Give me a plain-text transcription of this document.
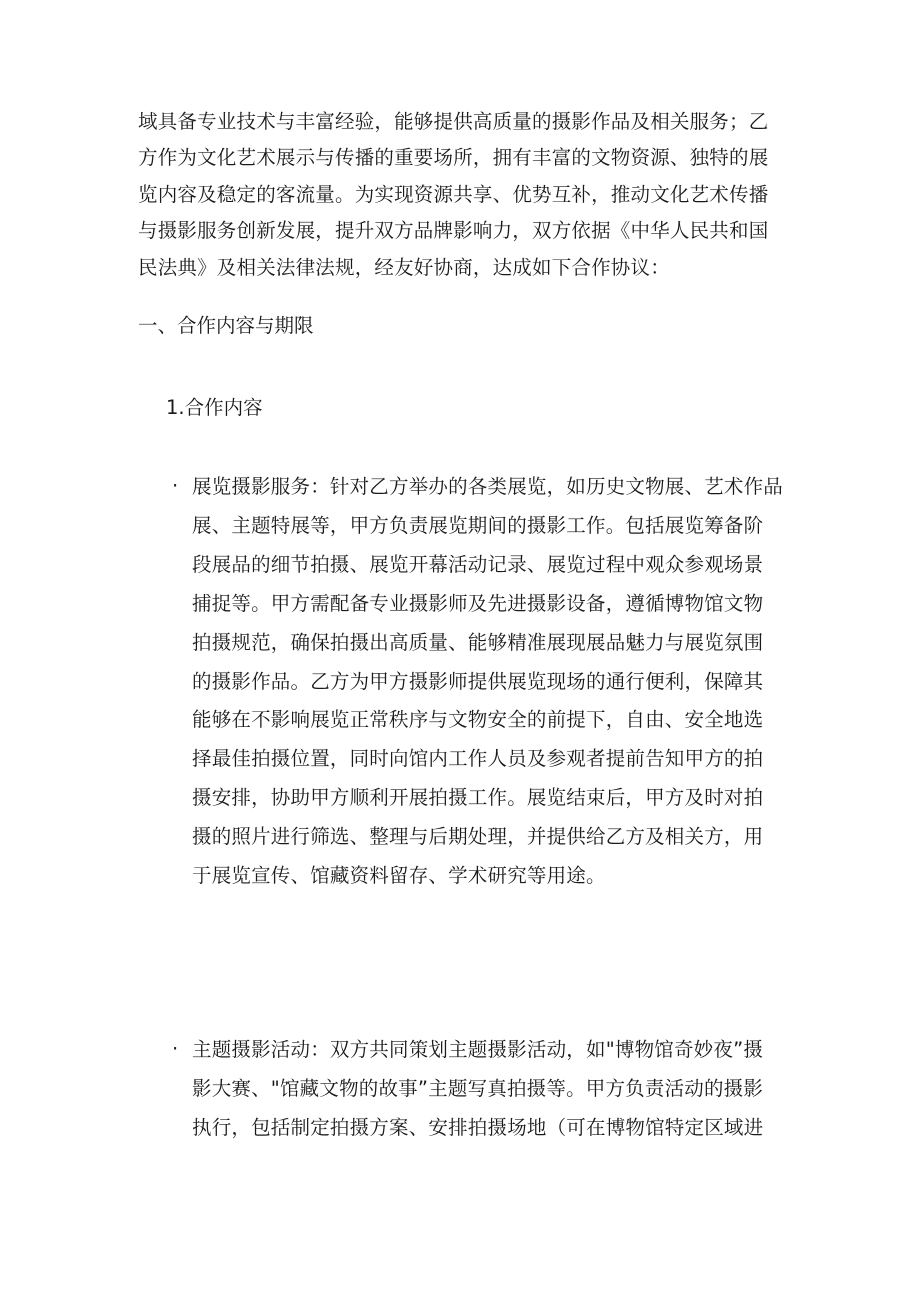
域具备专业技术与丰富经验，能够提供高质量的摄影作品及相关服务；乙
方作为文化艺术展示与传播的重要场所，拥有丰富的文物资源、独特的展
览内容及稳定的客流量。为实现资源共享、优势互补，推动文化艺术传播
与摄影服务创新发展，提升双方品牌影响力，双方依据《中华人民共和国
民法典》及相关法律法规，经友好协商，达成如下合作协议：
一、合作内容与期限
1.合作内容
· 展览摄影服务：针对乙方举办的各类展览，如历史文物展、艺术作品
展、主题特展等，甲方负责展览期间的摄影工作。包括展览筹备阶
段展品的细节拍摄、展览开幕活动记录、展览过程中观众参观场景
捕捉等。甲方需配备专业摄影师及先进摄影设备，遵循博物馆文物
拍摄规范，确保拍摄出高质量、能够精准展现展品魅力与展览氛围
的摄影作品。乙方为甲方摄影师提供展览现场的通行便利，保障其
能够在不影响展览正常秩序与文物安全的前提下，自由、安全地选
择最佳拍摄位置，同时向馆内工作人员及参观者提前告知甲方的拍
摄安排，协助甲方顺利开展拍摄工作。展览结束后，甲方及时对拍
摄的照片进行筛选、整理与后期处理，并提供给乙方及相关方，用
于展览宣传、馆藏资料留存、学术研究等用途。
· 主题摄影活动：双方共同策划主题摄影活动，如"博物馆奇妙夜”摄
影大赛、"馆藏文物的故事”主题写真拍摄等。甲方负责活动的摄影
执行，包括制定拍摄方案、安排拍摄场地（可在博物馆特定区域进
